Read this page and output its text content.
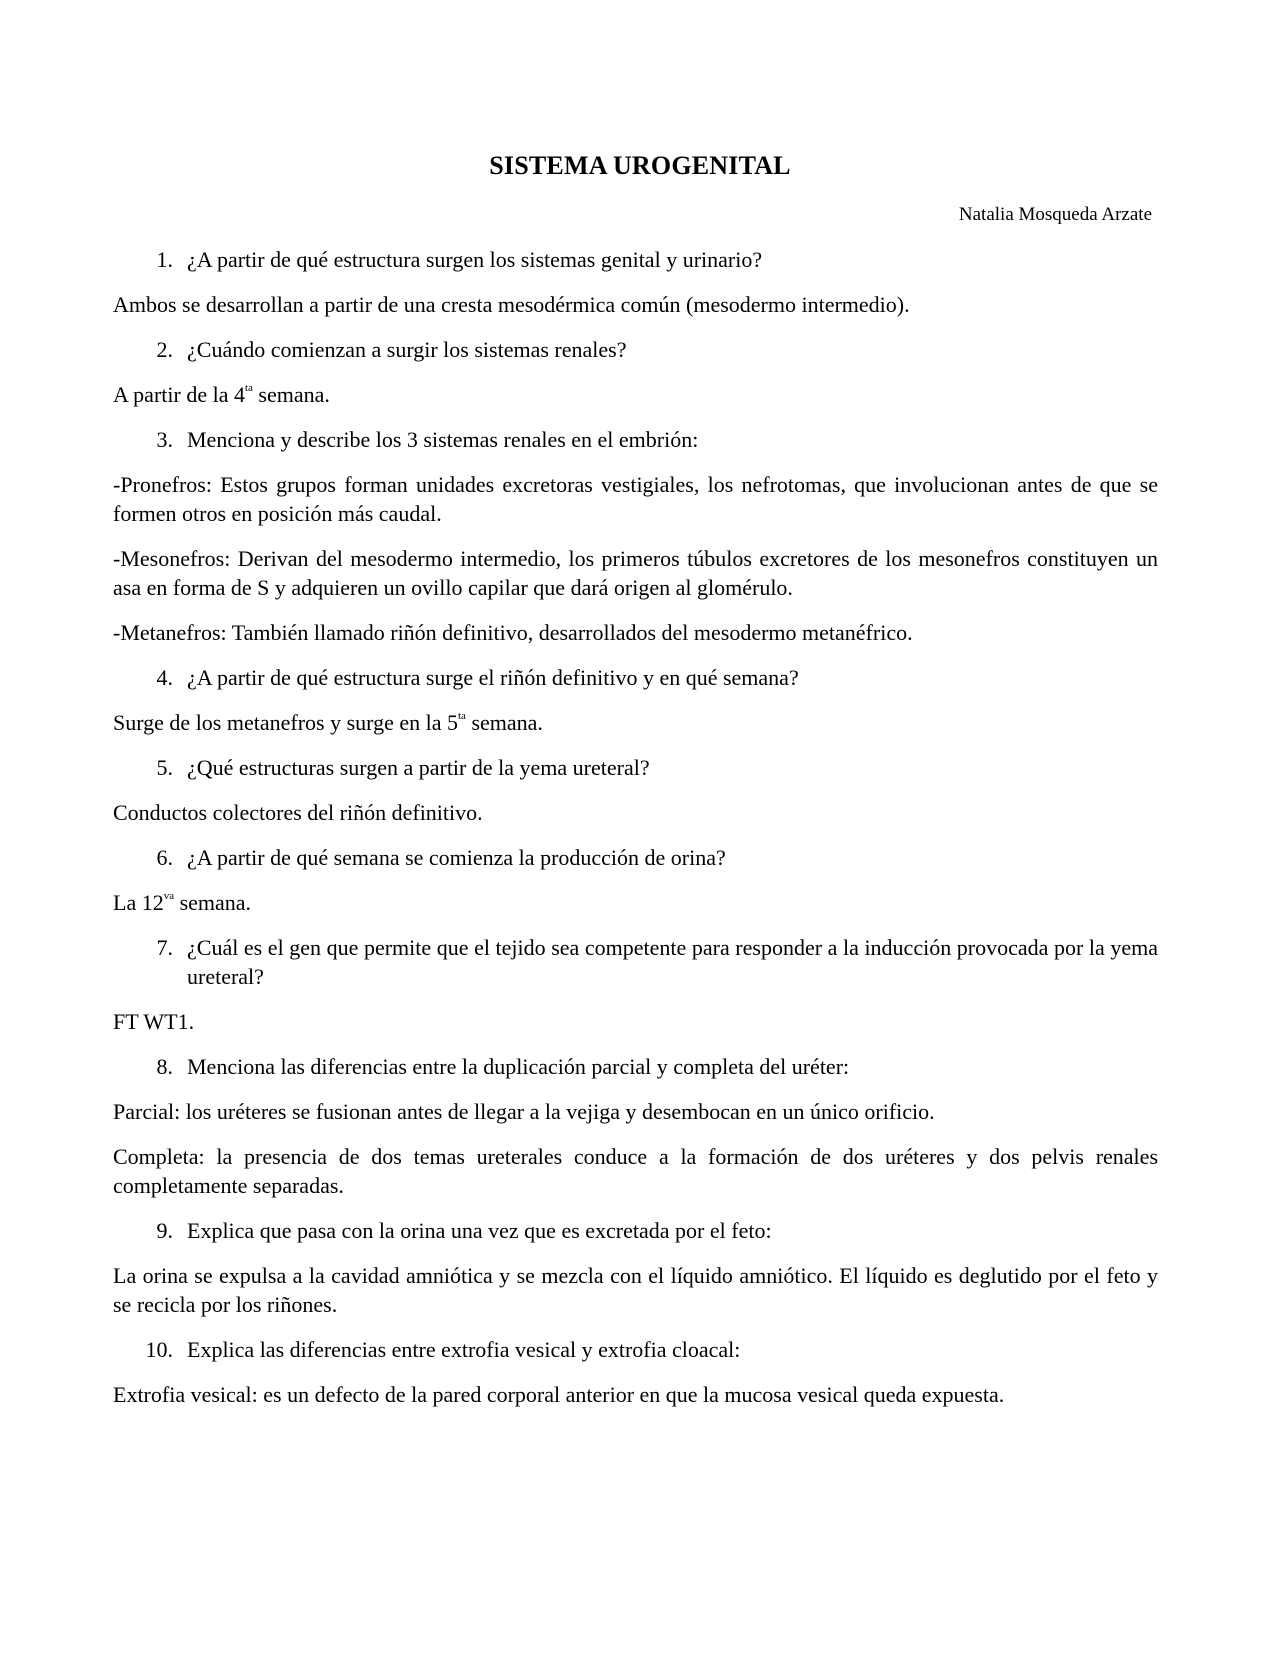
SISTEMA UROGENITAL
Natalia Mosqueda Arzate
1. ¿A partir de qué estructura surgen los sistemas genital y urinario?

Ambos se desarrollan a partir de una cresta mesodérmica común (mesodermo intermedio).

2. ¿Cuándo comienzan a surgir los sistemas renales?

A partir de la $4^{ta}$ semana.

3. Menciona y describe los 3 sistemas renales en el embrión:

-Pronefros: Estos grupos forman unidades excretoras vestigiales, los nefrotomas, que involucionan antes de que se formen otros en posición más caudal.

-Mesonefros: Derivan del mesodermo intermedio, los primeros túbulos excretores de los mesonefros constituyen un asa en forma de S y adquieren un ovillo capilar que dará origen al glomérulo.

-Metanefros: También llamado riñón definitivo, desarrollados del mesodermo metanéfrico.

4. ¿A partir de qué estructura surge el riñón definitivo y en qué semana?

Surge de los metanefros y surge en la $5^{ta}$ semana.

5. ¿Qué estructuras surgen a partir de la yema ureteral?

Conductos colectores del riñón definitivo.

6. ¿A partir de qué semana se comienza la producción de orina?

La $12^{va}$ semana.

7. ¿Cuál es el gen que permite que el tejido sea competente para responder a la inducción provocada por la yema ureteral?

FT WT1.

8. Menciona las diferencias entre la duplicación parcial y completa del uréter:

Parcial: los uréteres se fusionan antes de llegar a la vejiga y desembocan en un único orificio.

Completa: la presencia de dos temas ureterales conduce a la formación de dos uréteres y dos pelvis renales completamente separadas.

9. Explica que pasa con la orina una vez que es excretada por el feto:

La orina se expulsa a la cavidad amniótica y se mezcla con el líquido amniótico. El líquido es deglutido por el feto y se recicla por los riñones.

10. Explica las diferencias entre extrofia vesical y extrofia cloacal:

Extrofia vesical: es un defecto de la pared corporal anterior en que la mucosa vesical queda expuesta.
